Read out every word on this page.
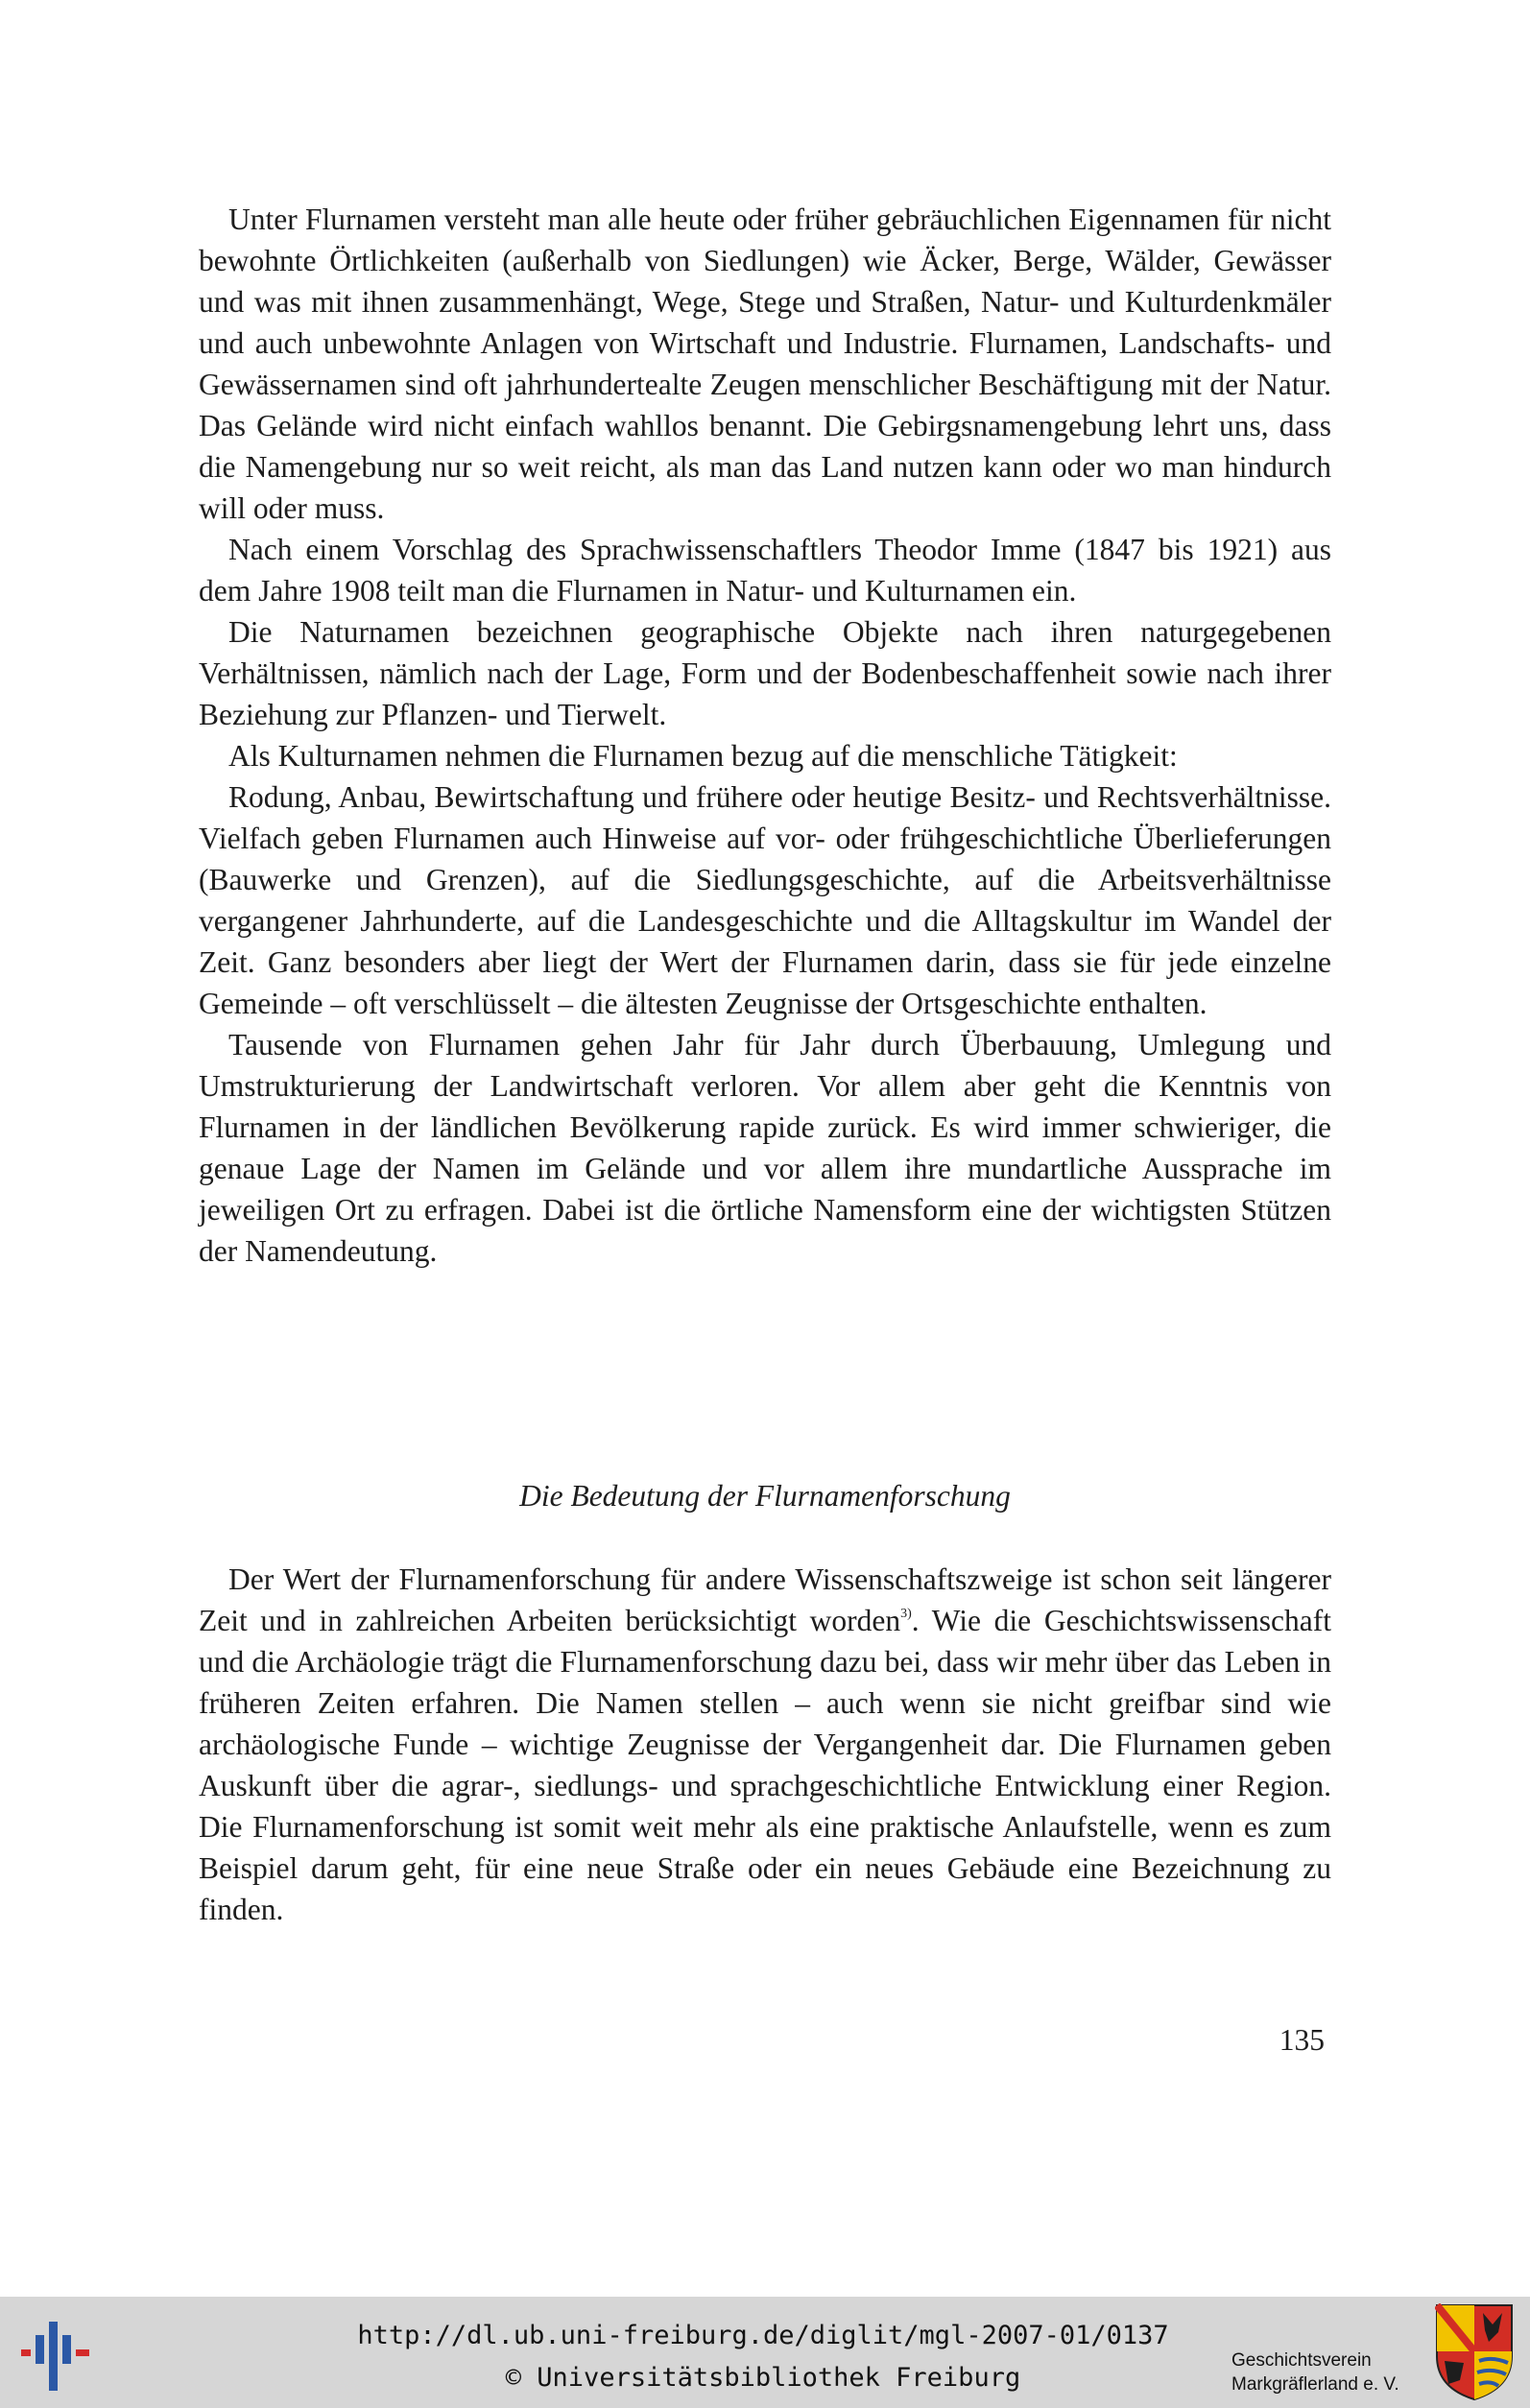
Unter Flurnamen versteht man alle heute oder früher gebräuchlichen Eigennamen für nicht bewohnte Örtlichkeiten (außerhalb von Siedlungen) wie Äcker, Berge, Wälder, Gewässer und was mit ihnen zusammenhängt, Wege, Stege und Straßen, Natur- und Kulturdenkmäler und auch unbewohnte Anlagen von Wirtschaft und Industrie. Flurnamen, Landschafts- und Gewässernamen sind oft jahrhundertealte Zeugen menschlicher Beschäftigung mit der Natur. Das Gelände wird nicht einfach wahllos benannt. Die Gebirgsnamengebung lehrt uns, dass die Namengebung nur so weit reicht, als man das Land nutzen kann oder wo man hindurch will oder muss.

Nach einem Vorschlag des Sprachwissenschaftlers Theodor Imme (1847 bis 1921) aus dem Jahre 1908 teilt man die Flurnamen in Natur- und Kulturnamen ein.

Die Naturnamen bezeichnen geographische Objekte nach ihren naturgegebenen Verhältnissen, nämlich nach der Lage, Form und der Bodenbeschaffenheit sowie nach ihrer Beziehung zur Pflanzen- und Tierwelt.

Als Kulturnamen nehmen die Flurnamen bezug auf die menschliche Tätigkeit:

Rodung, Anbau, Bewirtschaftung und frühere oder heutige Besitz- und Rechtsverhältnisse. Vielfach geben Flurnamen auch Hinweise auf vor- oder frühgeschichtliche Überlieferungen (Bauwerke und Grenzen), auf die Siedlungsgeschichte, auf die Arbeitsverhältnisse vergangener Jahrhunderte, auf die Landesgeschichte und die Alltagskultur im Wandel der Zeit. Ganz besonders aber liegt der Wert der Flurnamen darin, dass sie für jede einzelne Gemeinde – oft verschlüsselt – die ältesten Zeugnisse der Ortsgeschichte enthalten.

Tausende von Flurnamen gehen Jahr für Jahr durch Überbauung, Umlegung und Umstrukturierung der Landwirtschaft verloren. Vor allem aber geht die Kenntnis von Flurnamen in der ländlichen Bevölkerung rapide zurück. Es wird immer schwieriger, die genaue Lage der Namen im Gelände und vor allem ihre mundartliche Aussprache im jeweiligen Ort zu erfragen. Dabei ist die örtliche Namensform eine der wichtigsten Stützen der Namendeutung.

Die Bedeutung der Flurnamenforschung

Der Wert der Flurnamenforschung für andere Wissenschaftszweige ist schon seit längerer Zeit und in zahlreichen Arbeiten berücksichtigt worden$^{3)}$. Wie die Geschichtswissenschaft und die Archäologie trägt die Flurnamenforschung dazu bei, dass wir mehr über das Leben in früheren Zeiten erfahren. Die Namen stellen – auch wenn sie nicht greifbar sind wie archäologische Funde – wichtige Zeugnisse der Vergangenheit dar. Die Flurnamen geben Auskunft über die agrar-, siedlungs- und sprachgeschichtliche Entwicklung einer Region. Die Flurnamenforschung ist somit weit mehr als eine praktische Anlaufstelle, wenn es zum Beispiel darum geht, für eine neue Straße oder ein neues Gebäude eine Bezeichnung zu finden.

135
http://dl.ub.uni-freiburg.de/diglit/mgl-2007-01/0137
© Universitätsbibliothek Freiburg
Geschichtsverein
Markgräflerland e. V.
